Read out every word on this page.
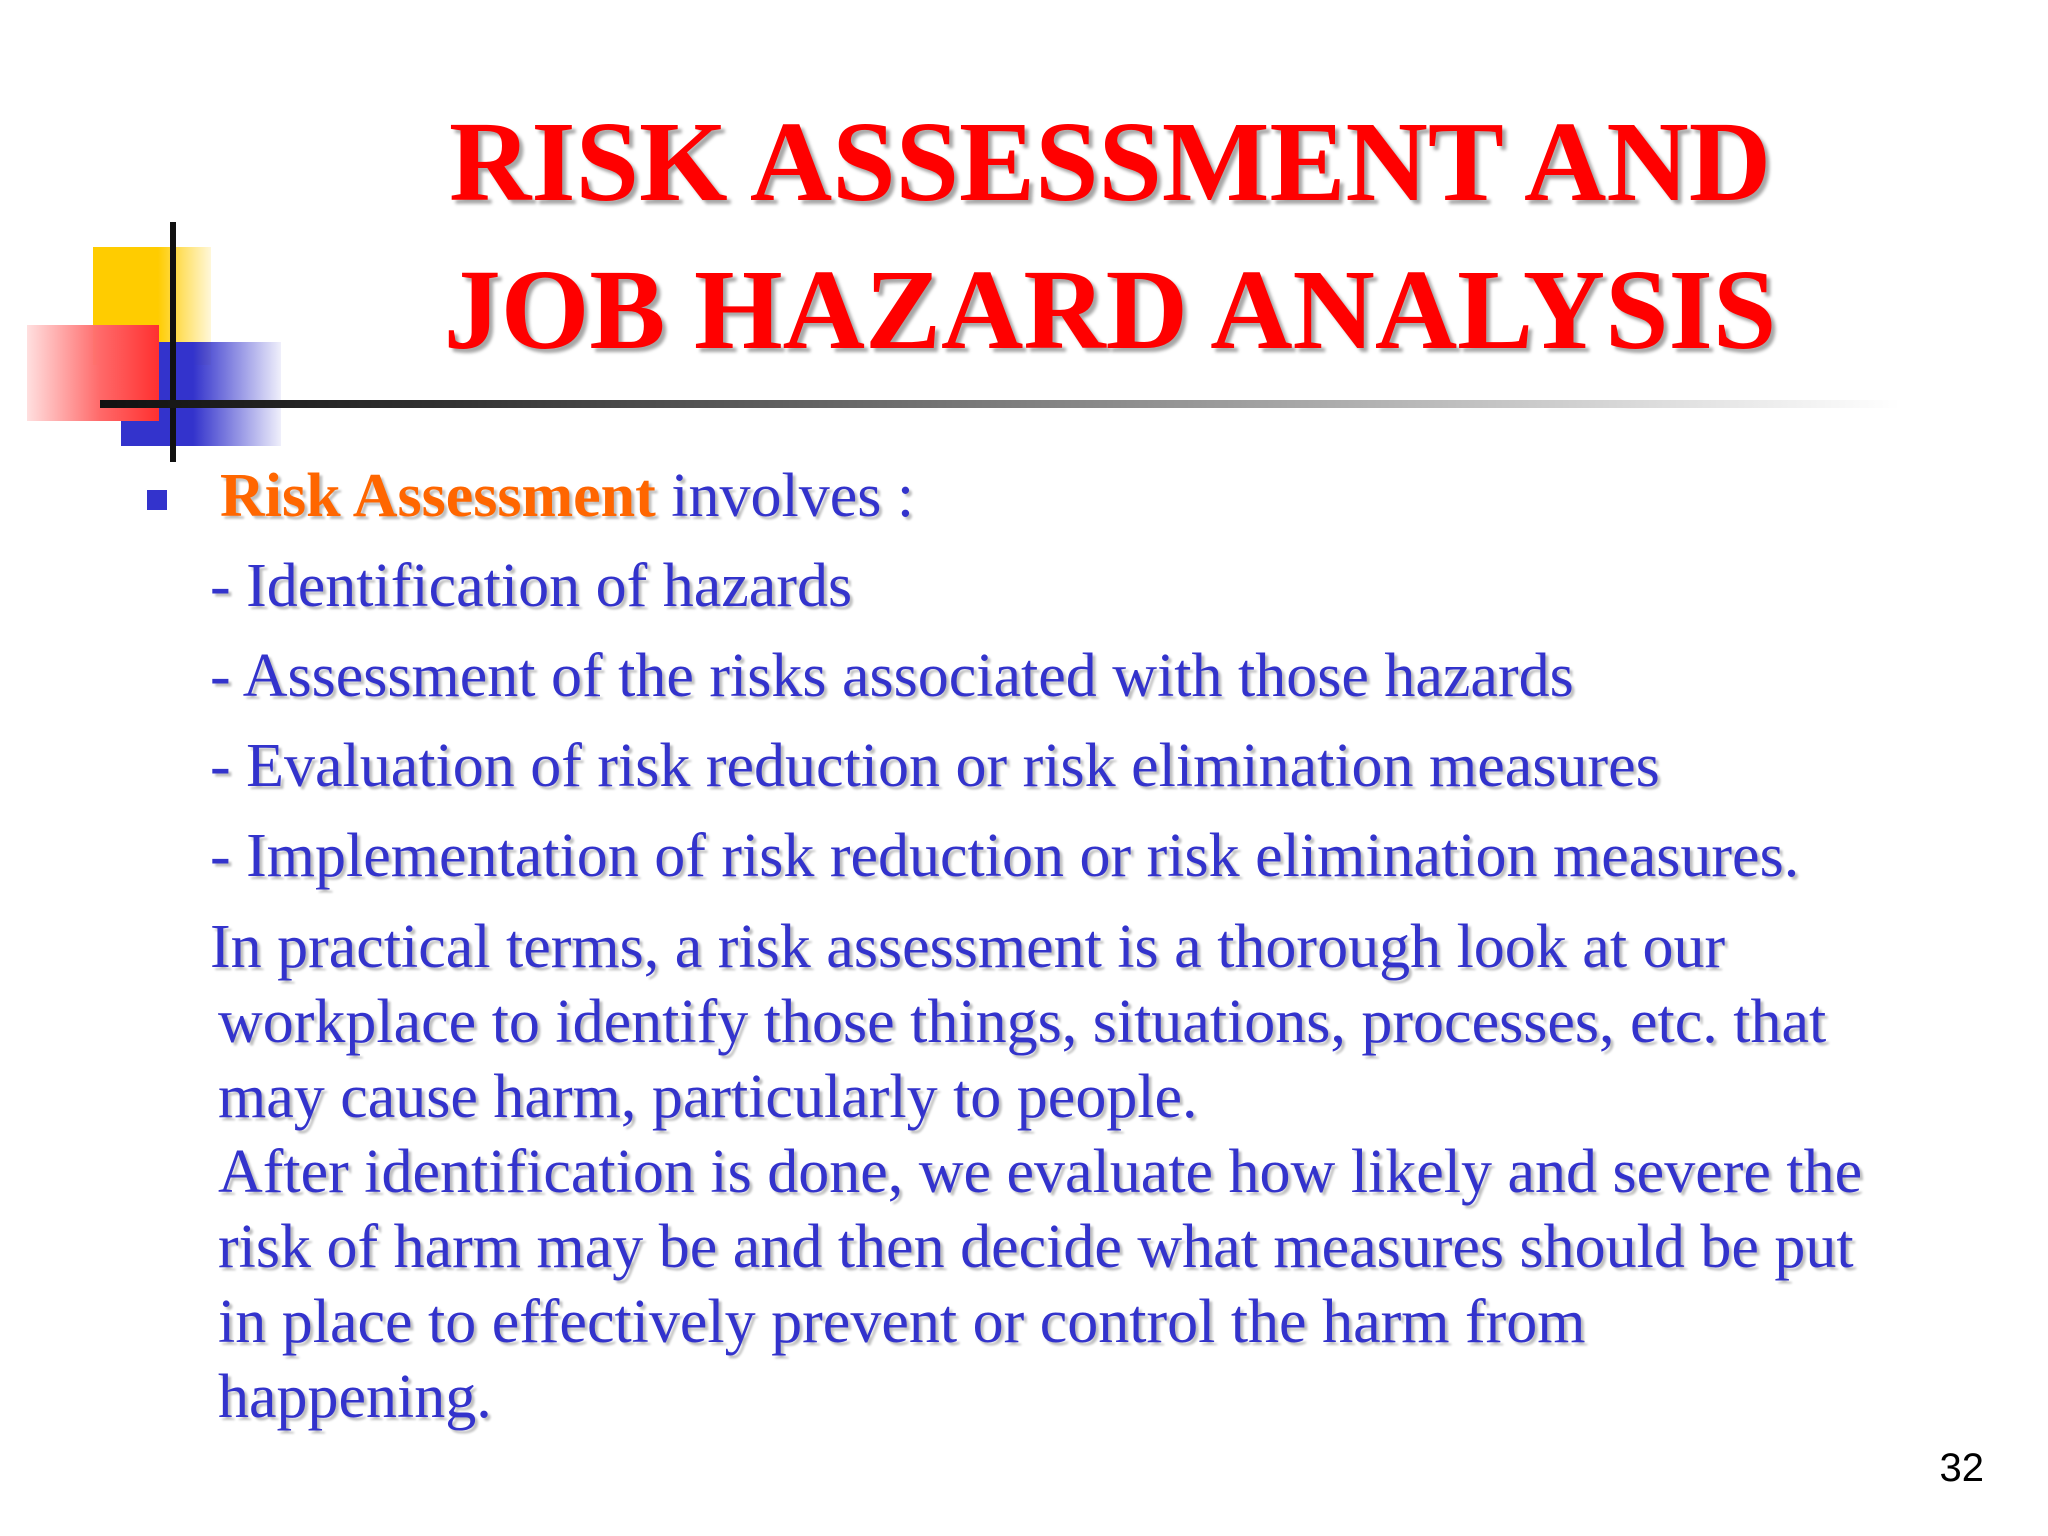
RISK ASSESSMENT AND
JOB HAZARD ANALYSIS
Risk Assessment involves :
- Identification of hazards
- Assessment of the risks associated with those hazards
- Evaluation of risk reduction or risk elimination measures
- Implementation of risk reduction or risk elimination measures.
In practical terms, a risk assessment is a thorough look at our
workplace to identify those things, situations, processes, etc. that
may cause harm, particularly to people.
After identification is done, we evaluate how likely and severe the
risk of harm may be and then decide what measures should be put
in place to effectively prevent or control the harm from
happening.
32
